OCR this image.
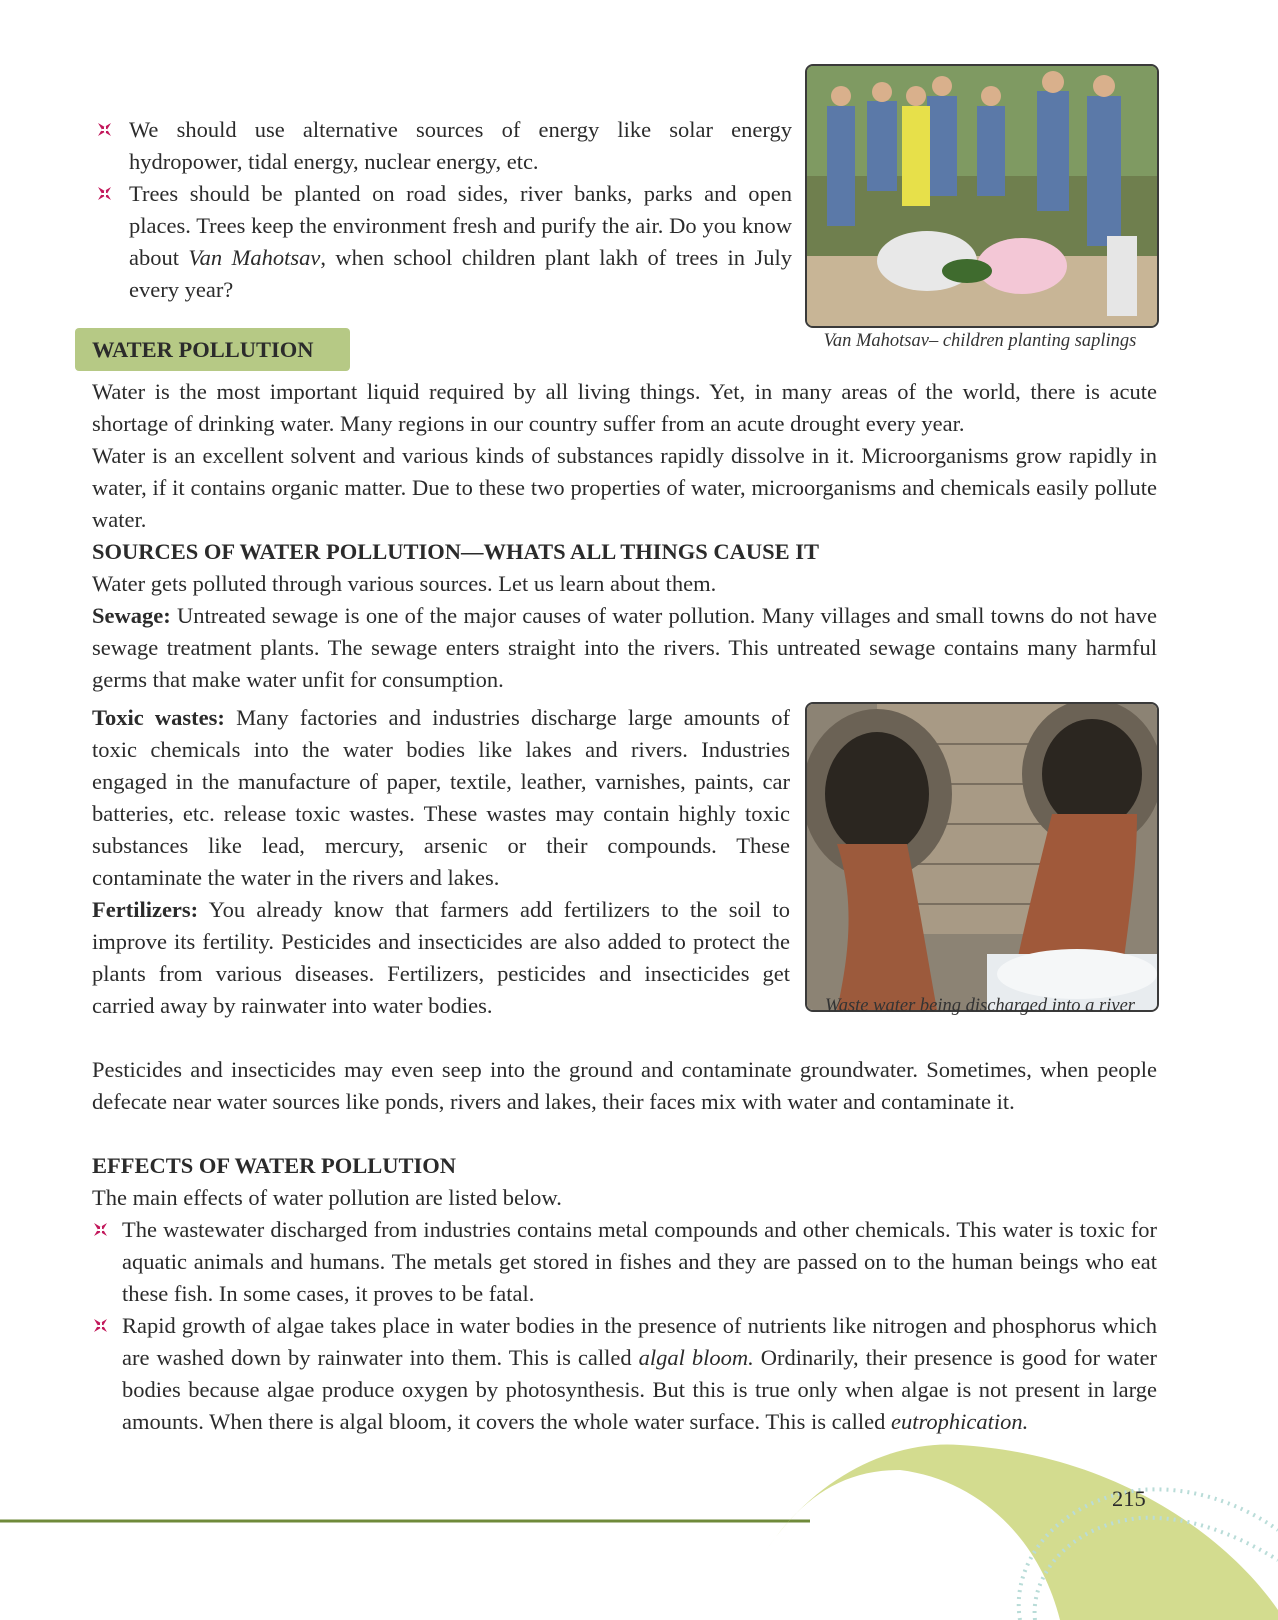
We should use alternative sources of energy like solar energy hydropower, tidal energy, nuclear energy, etc.
Trees should be planted on road sides, river banks, parks and open places. Trees keep the environment fresh and purify the air. Do you know about Van Mahotsav, when school children plant lakh of trees in July every year?
Van Mahotsav– children planting saplings
WATER POLLUTION

Water is the most important liquid required by all living things. Yet, in many areas of the world, there is acute shortage of drinking water. Many regions in our country suffer from an acute drought every year.

Water is an excellent solvent and various kinds of substances rapidly dissolve in it. Microorganisms grow rapidly in water, if it contains organic matter. Due to these two properties of water, microorganisms and chemicals easily pollute water.

SOURCES OF WATER POLLUTION—WHATS ALL THINGS CAUSE IT

Water gets polluted through various sources. Let us learn about them.

Sewage: Untreated sewage is one of the major causes of water pollution. Many villages and small towns do not have sewage treatment plants. The sewage enters straight into the rivers. This untreated sewage contains many harmful germs that make water unfit for consumption.

Toxic wastes: Many factories and industries discharge large amounts of toxic chemicals into the water bodies like lakes and rivers. Industries engaged in the manufacture of paper, textile, leather, varnishes, paints, car batteries, etc. release toxic wastes. These wastes may contain highly toxic substances like lead, mercury, arsenic or their compounds. These contaminate the water in the rivers and lakes.

Fertilizers: You already know that farmers add fertilizers to the soil to improve its fertility. Pesticides and insecticides are also added to protect the plants from various diseases. Fertilizers, pesticides and insecticides get carried away by rainwater into water bodies.	Waste water being discharged into a river

Pesticides and insecticides may even seep into the ground and contaminate groundwater. Sometimes, when people defecate near water sources like ponds, rivers and lakes, their faces mix with water and contaminate it.

EFFECTS OF WATER POLLUTION

The main effects of water pollution are listed below.

The wastewater discharged from industries contains metal compounds and other chemicals. This water is toxic for aquatic animals and humans. The metals get stored in fishes and they are passed on to the human beings who eat these fish. In some cases, it proves to be fatal.
Rapid growth of algae takes place in water bodies in the presence of nutrients like nitrogen and phosphorus which are washed down by rainwater into them. This is called algal bloom. Ordinarily, their presence is good for water bodies because algae produce oxygen by photosynthesis. But this is true only when algae is not present in large amounts. When there is algal bloom, it covers the whole water surface. This is called eutrophication.
215
